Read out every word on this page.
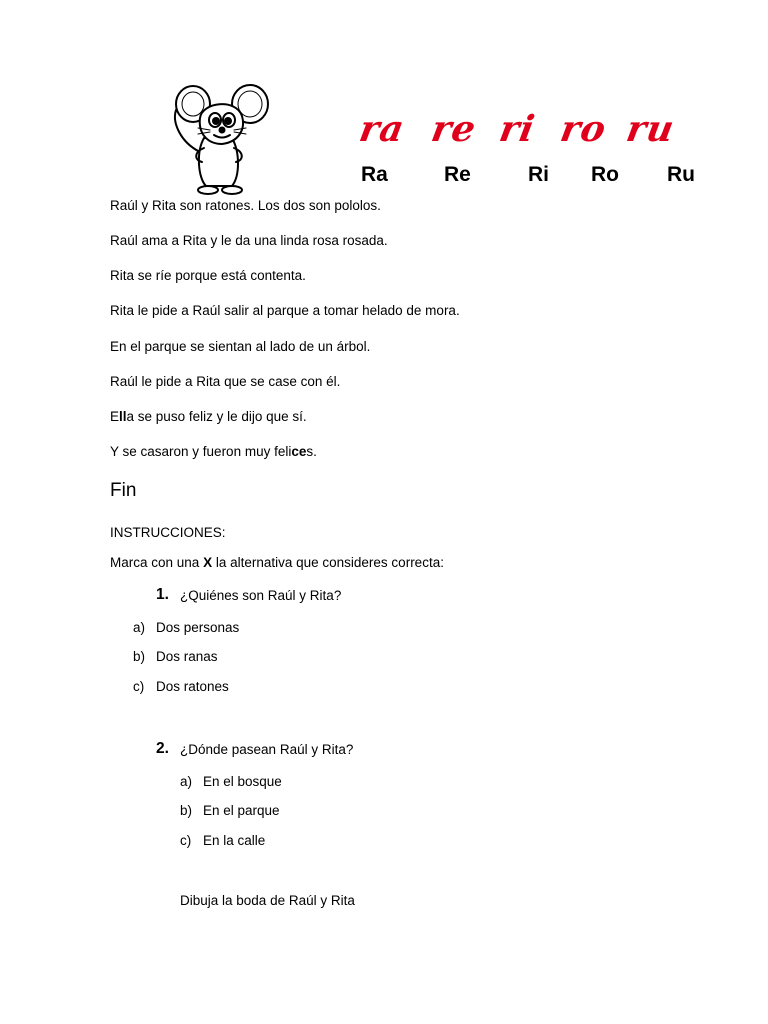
ra re ri ro ru
Ra	Re	Ri Ro Ru
Raúl y Rita son ratones. Los dos son pololos.
Raúl ama a Rita y le da una linda rosa rosada.
Rita se ríe porque está contenta.
Rita le pide a Raúl salir al parque a tomar helado de mora.
En el parque se sientan al lado de un árbol.
Raúl le pide a Rita que se case con él.
Ella se puso feliz y le dijo que sí.
Y se casaron y fueron muy felices.
Fin
INSTRUCCIONES:
Marca con una X la alternativa que consideres correcta:
1. ¿Quiénes son Raúl y Rita?
a) Dos personas
b) Dos ranas
c) Dos ratones
2. ¿Dónde pasean Raúl y Rita?
a) En el bosque
b) En el parque
c) En la calle
Dibuja la boda de Raúl y Rita
